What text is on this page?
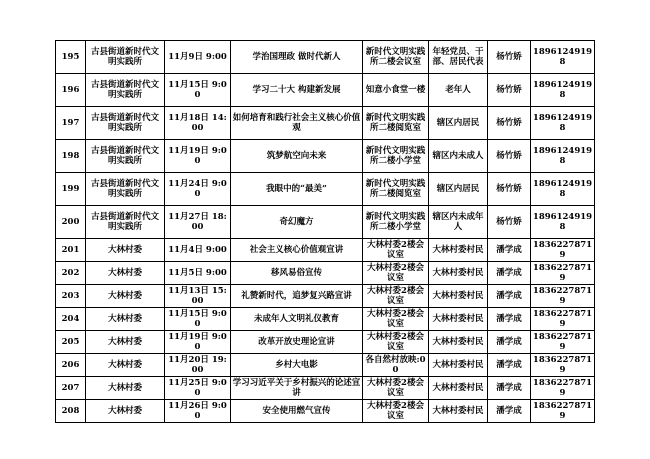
195	古县街道新时代文明实践所	11月9日 9:00	学治国理政 做时代新人	新时代文明实践所二楼会议室	年轻党员、干部、居民代表	杨竹娇	18961249198
196	古县街道新时代文明实践所	11月15日 9:00	学习二十大 构建新发展	知意小食堂一楼	老年人	杨竹娇	18961249198
197	古县街道新时代文明实践所	11月18日 14:00	如何培育和践行社会主义核心价值观	新时代文明实践所二楼阅览室	辖区内居民	杨竹娇	18961249198
198	古县街道新时代文明实践所	11月19日 9:00	筑梦航空向未来	新时代文明实践所二楼小学堂	辖区内未成人	杨竹娇	18961249198
199	古县街道新时代文明实践所	11月24日 9:00	我眼中的“最美”	新时代文明实践所二楼阅览室	辖区内居民	杨竹娇	18961249198
200	古县街道新时代文明实践所	11月27日 18:00	奇幻魔方	新时代文明实践所二楼小学堂	辖区内未成年人	杨竹娇	18961249198
201	大林村委	11月4日 9:00	社会主义核心价值观宣讲	大林村委2楼会议室	大林村委村民	潘学成	18362278719
202	大林村委	11月5日 9:00	移风易俗宣传	大林村委2楼会议室	大林村委村民	潘学成	18362278719
203	大林村委	11月13日 15:00	礼赞新时代，追梦复兴路宣讲	大林村委2楼会议室	大林村委村民	潘学成	18362278719
204	大林村委	11月15日 9:00	未成年人文明礼仪教育	大林村委2楼会议室	大林村委村民	潘学成	18362278719
205	大林村委	11月19日 9:00	改革开放史理论宣讲	大林村委2楼会议室	大林村委村民	潘学成	18362278719
206	大林村委	11月20日 19:00	乡村大电影	各自然村放映:00	大林村委村民	潘学成	18362278719
207	大林村委	11月25日 9:00	学习习近平关于乡村振兴的论述宣讲	大林村委2楼会议室	大林村委村民	潘学成	18362278719
208	大林村委	11月26日 9:00	安全使用燃气宣传	大林村委2楼会议室	大林村委村民	潘学成	18362278719
